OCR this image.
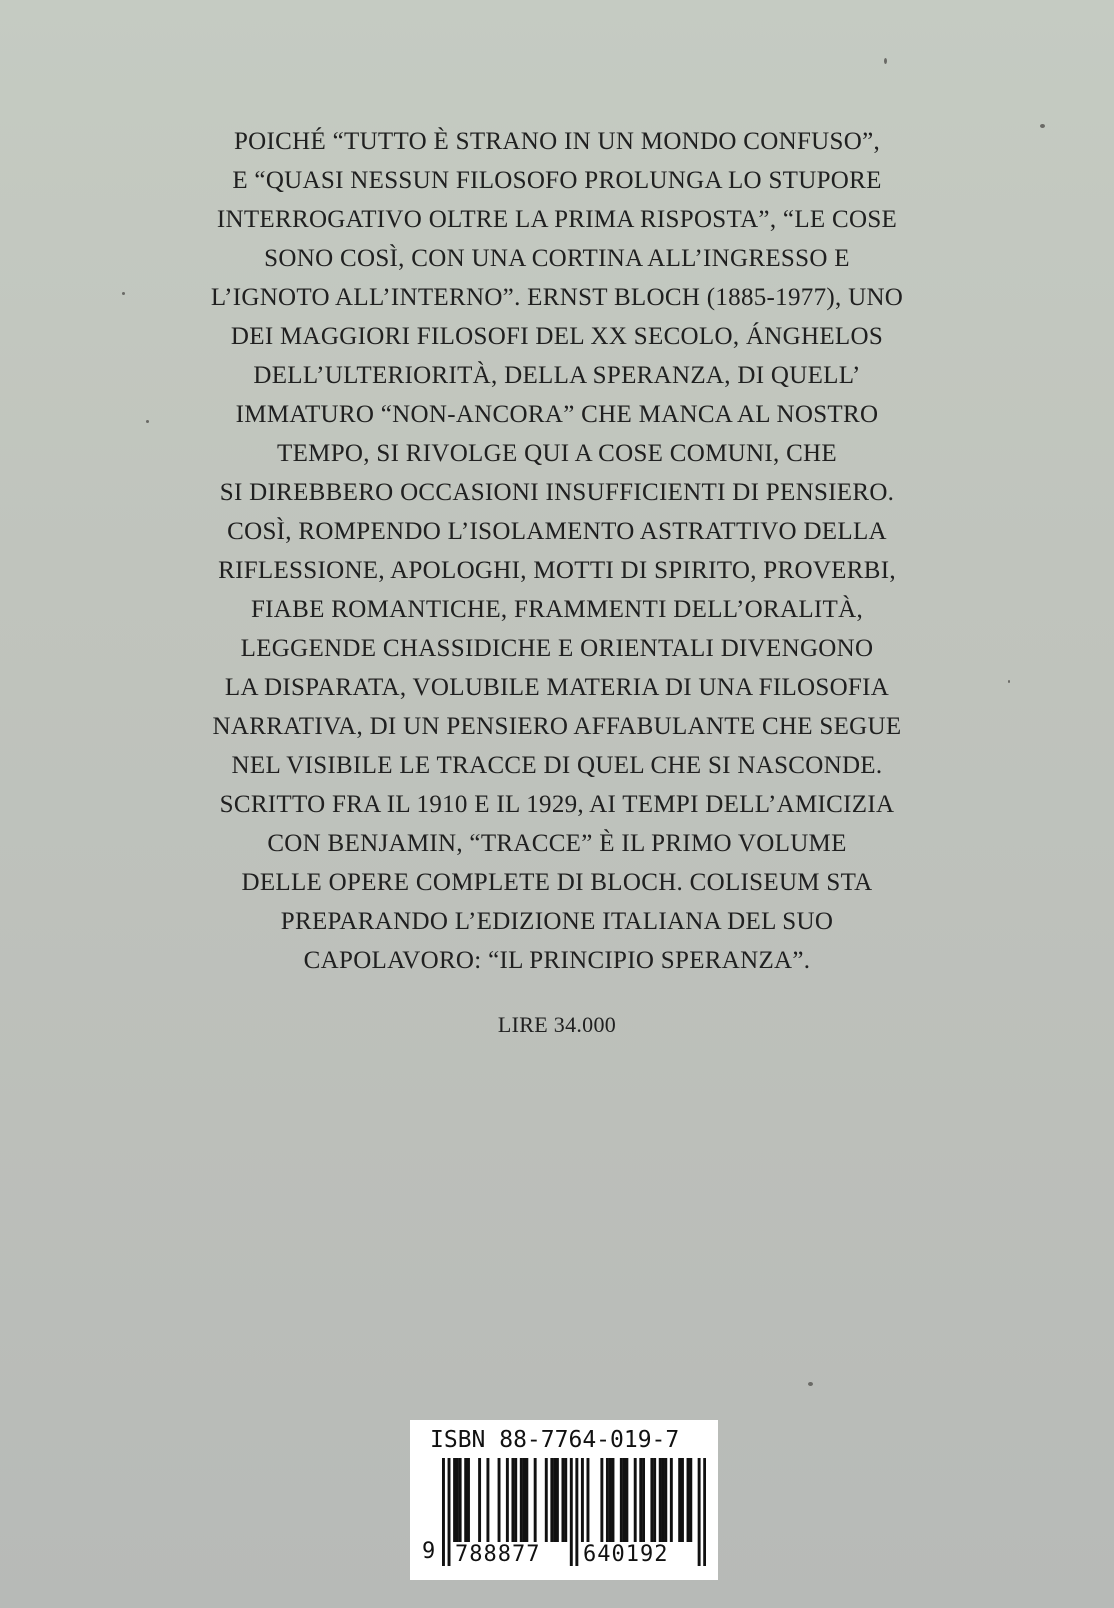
POICHÉ “TUTTO È STRANO IN UN MONDO CONFUSO”,
E “QUASI NESSUN FILOSOFO PROLUNGA LO STUPORE
INTERROGATIVO OLTRE LA PRIMA RISPOSTA”, “LE COSE
SONO COSÌ, CON UNA CORTINA ALL’INGRESSO E
L’IGNOTO ALL’INTERNO”. ERNST BLOCH (1885-1977), UNO
DEI MAGGIORI FILOSOFI DEL XX SECOLO, ÁNGHELOS
DELL’ULTERIORITÀ, DELLA SPERANZA, DI QUELL’
IMMATURO “NON-ANCORA” CHE MANCA AL NOSTRO
TEMPO, SI RIVOLGE QUI A COSE COMUNI, CHE
SI DIREBBERO OCCASIONI INSUFFICIENTI DI PENSIERO.
COSÌ, ROMPENDO L’ISOLAMENTO ASTRATTIVO DELLA
RIFLESSIONE, APOLOGHI, MOTTI DI SPIRITO, PROVERBI,
FIABE ROMANTICHE, FRAMMENTI DELL’ORALITÀ,
LEGGENDE CHASSIDICHE E ORIENTALI DIVENGONO
LA DISPARATA, VOLUBILE MATERIA DI UNA FILOSOFIA
NARRATIVA, DI UN PENSIERO AFFABULANTE CHE SEGUE
NEL VISIBILE LE TRACCE DI QUEL CHE SI NASCONDE.
SCRITTO FRA IL 1910 E IL 1929, AI TEMPI DELL’AMICIZIA
CON BENJAMIN, “TRACCE” È IL PRIMO VOLUME
DELLE OPERE COMPLETE DI BLOCH. COLISEUM STA
PREPARANDO L’EDIZIONE ITALIANA DEL SUO
CAPOLAVORO: “IL PRINCIPIO SPERANZA”.

LIRE 34.000
ISBN 88-7764-019-7
9 788877 640192
